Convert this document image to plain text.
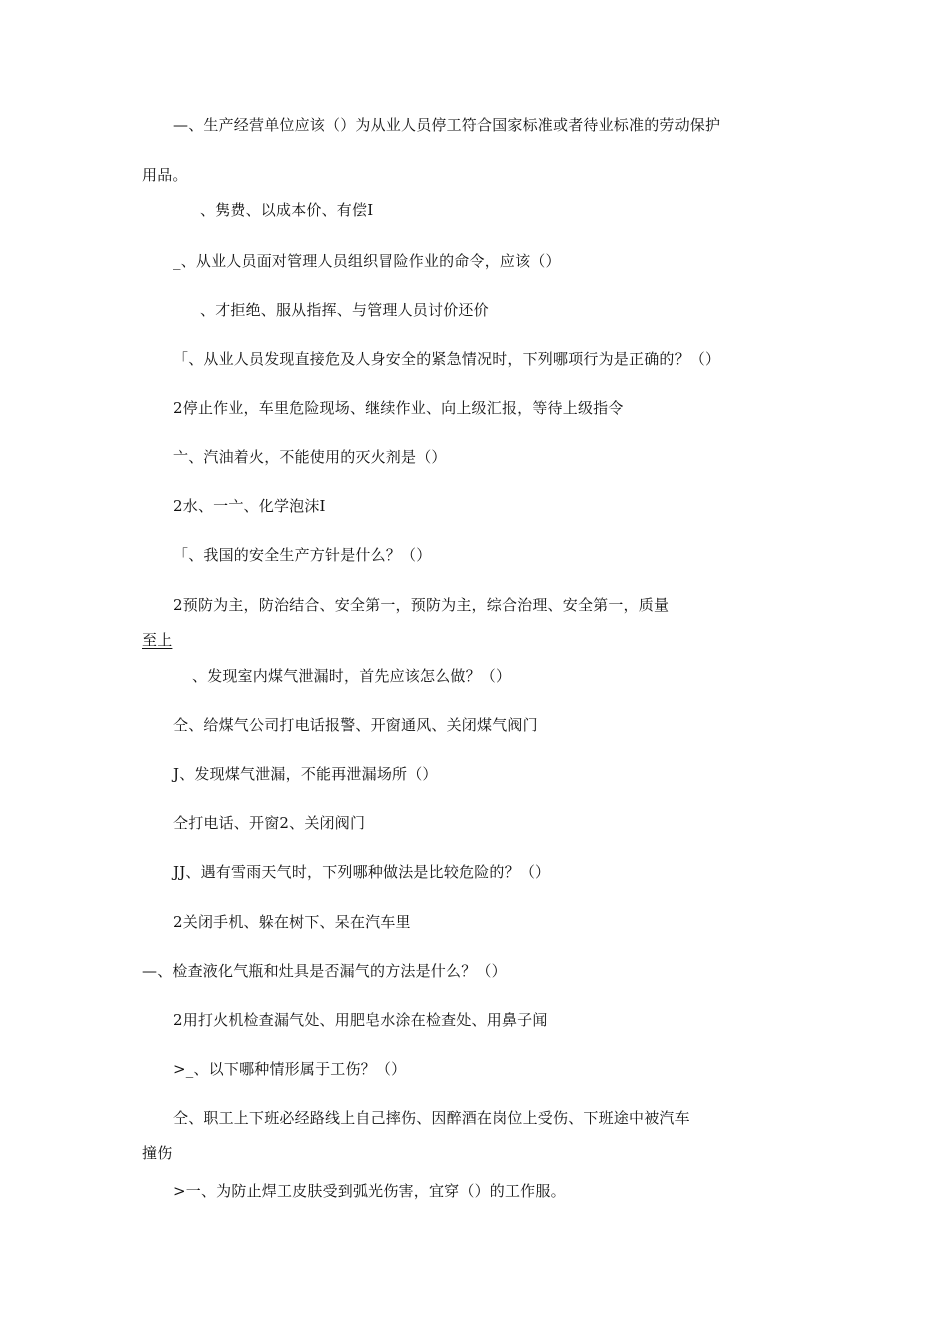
—、生产经营单位应该（）为从业人员停工符合国家标准或者待业标准的劳动保护
用品。
、隽费、以成本价、有偿I
_、从业人员面对管理人员组织冒险作业的命令，应该（）
、才拒绝、服从指挥、与管理人员讨价还价
「、从业人员发现直接危及人身安全的紧急情况时，下列哪项行为是正确的？（）
2停止作业，车里危险现场、继续作业、向上级汇报，等待上级指令
亠、汽油着火，不能使用的灭火剂是（）
2水、一亠、化学泡沫I
「、我国的安全生产方针是什么？（）
2预防为主，防治结合、安全第一，预防为主，综合治理、安全第一，质量
至上
、发现室内煤气泄漏时，首先应该怎么做？（）
仝、给煤气公司打电话报警、开窗通风、关闭煤气阀门
J、发现煤气泄漏，不能再泄漏场所（）
仝打电话、开窗2、关闭阀门
JJ、遇有雪雨天气时，下列哪种做法是比较危险的？（）
2关闭手机、躲在树下、呆在汽车里
—、检查液化气瓶和灶具是否漏气的方法是什么？（）
2用打火机检查漏气处、用肥皂水涂在检查处、用鼻子闻
>_、以下哪种情形属于工伤？（）
仝、职工上下班必经路线上自己摔伤、因醉酒在岗位上受伤、下班途中被汽车
撞伤
>一、为防止焊工皮肤受到弧光伤害，宜穿（）的工作服。
